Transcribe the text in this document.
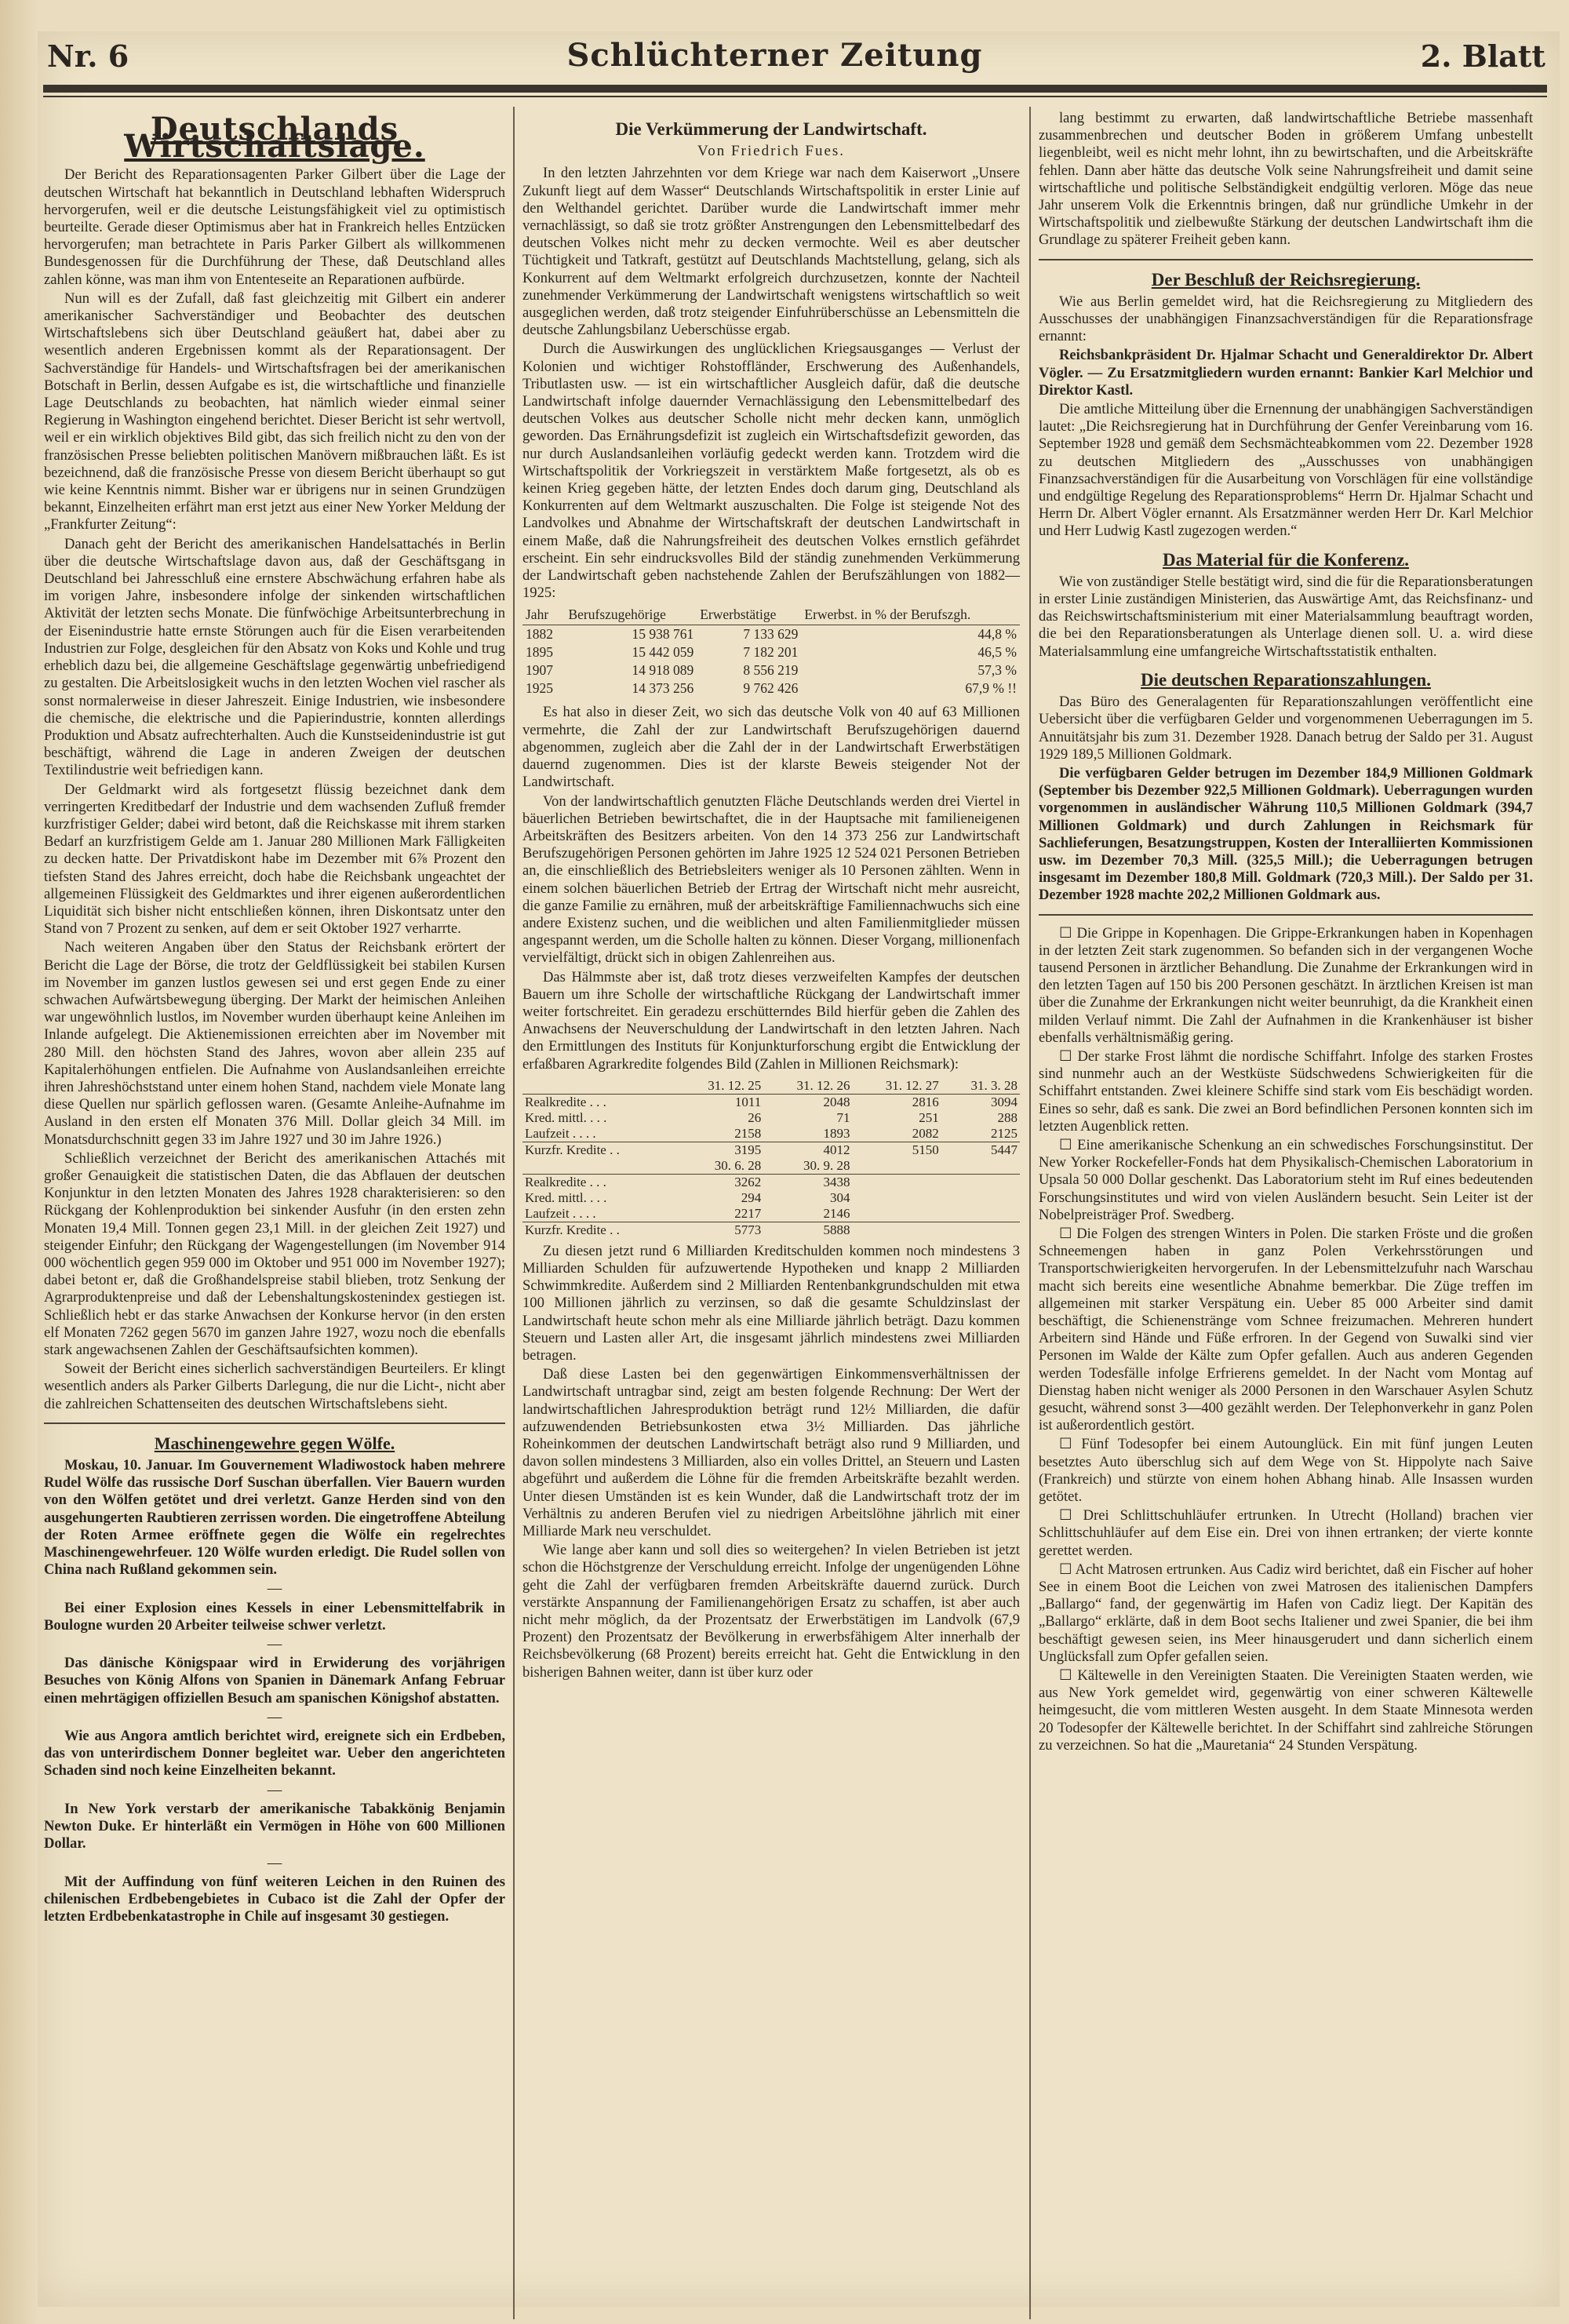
Nr. 6	Schlüchterner Zeitung	2. Blatt
Deutschlands Wirtschaftslage.

Der Bericht des Reparationsagenten Parker Gilbert über die Lage der deutschen Wirtschaft hat bekanntlich in Deutschland lebhaften Widerspruch hervorgerufen, weil er die deutsche Leistungsfähigkeit viel zu optimistisch beurteilte. Gerade dieser Optimismus aber hat in Frankreich helles Entzücken hervorgerufen; man betrachtete in Paris Parker Gilbert als willkommenen Bundesgenossen für die Durchführung der These, daß Deutschland alles zahlen könne, was man ihm von Ententeseite an Reparationen aufbürde.

Nun will es der Zufall, daß fast gleichzeitig mit Gilbert ein anderer amerikanischer Sachverständiger und Beobachter des deutschen Wirtschaftslebens sich über Deutschland geäußert hat, dabei aber zu wesentlich anderen Ergebnissen kommt als der Reparationsagent. Der Sachverständige für Handels- und Wirtschaftsfragen bei der amerikanischen Botschaft in Berlin, dessen Aufgabe es ist, die wirtschaftliche und finanzielle Lage Deutschlands zu beobachten, hat nämlich wieder einmal seiner Regierung in Washington eingehend berichtet. Dieser Bericht ist sehr wertvoll, weil er ein wirklich objektives Bild gibt, das sich freilich nicht zu den von der französischen Presse beliebten politischen Manövern mißbrauchen läßt. Es ist bezeichnend, daß die französische Presse von diesem Bericht überhaupt so gut wie keine Kenntnis nimmt. Bisher war er übrigens nur in seinen Grundzügen bekannt, Einzelheiten erfährt man erst jetzt aus einer New Yorker Meldung der „Frankfurter Zeitung“:

Danach geht der Bericht des amerikanischen Handelsattachés in Berlin über die deutsche Wirtschaftslage davon aus, daß der Geschäftsgang in Deutschland bei Jahresschluß eine ernstere Abschwächung erfahren habe als im vorigen Jahre, insbesondere infolge der sinkenden wirtschaftlichen Aktivität der letzten sechs Monate. Die fünfwöchige Arbeitsunterbrechung in der Eisenindustrie hatte ernste Störungen auch für die Eisen verarbeitenden Industrien zur Folge, desgleichen für den Absatz von Koks und Kohle und trug erheblich dazu bei, die allgemeine Geschäftslage gegenwärtig unbefriedigend zu gestalten. Die Arbeitslosigkeit wuchs in den letzten Wochen viel rascher als sonst normalerweise in dieser Jahreszeit. Einige Industrien, wie insbesondere die chemische, die elektrische und die Papierindustrie, konnten allerdings Produktion und Absatz aufrechterhalten. Auch die Kunstseidenindustrie ist gut beschäftigt, während die Lage in anderen Zweigen der deutschen Textilindustrie weit befriedigen kann.

Der Geldmarkt wird als fortgesetzt flüssig bezeichnet dank dem verringerten Kreditbedarf der Industrie und dem wachsenden Zufluß fremder kurzfristiger Gelder; dabei wird betont, daß die Reichskasse mit ihrem starken Bedarf an kurzfristigem Gelde am 1. Januar 280 Millionen Mark Fälligkeiten zu decken hatte. Der Privatdiskont habe im Dezember mit 6⅞ Prozent den tiefsten Stand des Jahres erreicht, doch habe die Reichsbank ungeachtet der allgemeinen Flüssigkeit des Geldmarktes und ihrer eigenen außerordentlichen Liquidität sich bisher nicht entschließen können, ihren Diskontsatz unter den Stand von 7 Prozent zu senken, auf dem er seit Oktober 1927 verharrte.

Nach weiteren Angaben über den Status der Reichsbank erörtert der Bericht die Lage der Börse, die trotz der Geldflüssigkeit bei stabilen Kursen im November im ganzen lustlos gewesen sei und erst gegen Ende zu einer schwachen Aufwärtsbewegung überging. Der Markt der heimischen Anleihen war ungewöhnlich lustlos, im November wurden überhaupt keine Anleihen im Inlande aufgelegt. Die Aktienemissionen erreichten aber im November mit 280 Mill. den höchsten Stand des Jahres, wovon aber allein 235 auf Kapitalerhöhungen entfielen. Die Aufnahme von Auslandsanleihen erreichte ihren Jahreshöchststand unter einem hohen Stand, nachdem viele Monate lang diese Quellen nur spärlich geflossen waren. (Gesamte Anleihe-Aufnahme im Ausland in den ersten elf Monaten 376 Mill. Dollar gleich 34 Mill. im Monatsdurchschnitt gegen 33 im Jahre 1927 und 30 im Jahre 1926.)

Schließlich verzeichnet der Bericht des amerikanischen Attachés mit großer Genauigkeit die statistischen Daten, die das Abflauen der deutschen Konjunktur in den letzten Monaten des Jahres 1928 charakterisieren: so den Rückgang der Kohlenproduktion bei sinkender Ausfuhr (in den ersten zehn Monaten 19,4 Mill. Tonnen gegen 23,1 Mill. in der gleichen Zeit 1927) und steigender Einfuhr; den Rückgang der Wagengestellungen (im November 914 000 wöchentlich gegen 959 000 im Oktober und 951 000 im November 1927); dabei betont er, daß die Großhandelspreise stabil blieben, trotz Senkung der Agrarproduktenpreise und daß der Lebenshaltungskostenindex gestiegen ist. Schließlich hebt er das starke Anwachsen der Konkurse hervor (in den ersten elf Monaten 7262 gegen 5670 im ganzen Jahre 1927, wozu noch die ebenfalls stark angewachsenen Zahlen der Geschäftsaufsichten kommen).

Soweit der Bericht eines sicherlich sachverständigen Beurteilers. Er klingt wesentlich anders als Parker Gilberts Darlegung, die nur die Licht-, nicht aber die zahlreichen Schattenseiten des deutschen Wirtschaftslebens sieht.

Maschinengewehre gegen Wölfe.

Moskau, 10. Januar. Im Gouvernement Wladiwostock haben mehrere Rudel Wölfe das russische Dorf Suschan überfallen. Vier Bauern wurden von den Wölfen getötet und drei verletzt. Ganze Herden sind von den ausgehungerten Raubtieren zerrissen worden. Die eingetroffene Abteilung der Roten Armee eröffnete gegen die Wölfe ein regelrechtes Maschinengewehrfeuer. 120 Wölfe wurden erledigt. Die Rudel sollen von China nach Rußland gekommen sein.

—

Bei einer Explosion eines Kessels in einer Lebensmittelfabrik in Boulogne wurden 20 Arbeiter teilweise schwer verletzt.

—

Das dänische Königspaar wird in Erwiderung des vorjährigen Besuches von König Alfons von Spanien in Dänemark Anfang Februar einen mehrtägigen offiziellen Besuch am spanischen Königshof abstatten.

—

Wie aus Angora amtlich berichtet wird, ereignete sich ein Erdbeben, das von unterirdischem Donner begleitet war. Ueber den angerichteten Schaden sind noch keine Einzelheiten bekannt.

—

In New York verstarb der amerikanische Tabakkönig Benjamin Newton Duke. Er hinterläßt ein Vermögen in Höhe von 600 Millionen Dollar.

—

Mit der Auffindung von fünf weiteren Leichen in den Ruinen des chilenischen Erdbebengebietes in Cubaco ist die Zahl der Opfer der letzten Erdbebenkatastrophe in Chile auf insgesamt 30 gestiegen.

Die Verkümmerung der Landwirtschaft.
Von Friedrich Fues.

In den letzten Jahrzehnten vor dem Kriege war nach dem Kaiserwort „Unsere Zukunft liegt auf dem Wasser“ Deutschlands Wirtschaftspolitik in erster Linie auf den Welthandel gerichtet. Darüber wurde die Landwirtschaft immer mehr vernachlässigt, so daß sie trotz größter Anstrengungen den Lebensmittelbedarf des deutschen Volkes nicht mehr zu decken vermochte. Weil es aber deutscher Tüchtigkeit und Tatkraft, gestützt auf Deutschlands Machtstellung, gelang, sich als Konkurrent auf dem Weltmarkt erfolgreich durchzusetzen, konnte der Nachteil zunehmender Verkümmerung der Landwirtschaft wenigstens wirtschaftlich so weit ausgeglichen werden, daß trotz steigender Einfuhrüberschüsse an Lebensmitteln die deutsche Zahlungsbilanz Ueberschüsse ergab.

Durch die Auswirkungen des unglücklichen Kriegsausganges — Verlust der Kolonien und wichtiger Rohstoffländer, Erschwerung des Außenhandels, Tributlasten usw. — ist ein wirtschaftlicher Ausgleich dafür, daß die deutsche Landwirtschaft infolge dauernder Vernachlässigung den Lebensmittelbedarf des deutschen Volkes aus deutscher Scholle nicht mehr decken kann, unmöglich geworden. Das Ernährungsdefizit ist zugleich ein Wirtschaftsdefizit geworden, das nur durch Auslandsanleihen vorläufig gedeckt werden kann. Trotzdem wird die Wirtschaftspolitik der Vorkriegszeit in verstärktem Maße fortgesetzt, als ob es keinen Krieg gegeben hätte, der letzten Endes doch darum ging, Deutschland als Konkurrenten auf dem Weltmarkt auszuschalten. Die Folge ist steigende Not des Landvolkes und Abnahme der Wirtschaftskraft der deutschen Landwirtschaft in einem Maße, daß die Nahrungsfreiheit des deutschen Volkes ernstlich gefährdet erscheint. Ein sehr eindrucksvolles Bild der ständig zunehmenden Verkümmerung der Landwirtschaft geben nachstehende Zahlen der Berufszählungen von 1882—1925:

Jahr	Berufszugehörige	Erwerbstätige	Erwerbst. in % der Berufszgh.
1882	15 938 761	7 133 629	44,8 %
1895	15 442 059	7 182 201	46,5 %
1907	14 918 089	8 556 219	57,3 %
1925	14 373 256	9 762 426	67,9 % !!

Es hat also in dieser Zeit, wo sich das deutsche Volk von 40 auf 63 Millionen vermehrte, die Zahl der zur Landwirtschaft Berufszugehörigen dauernd abgenommen, zugleich aber die Zahl der in der Landwirtschaft Erwerbstätigen dauernd zugenommen. Dies ist der klarste Beweis steigender Not der Landwirtschaft.

Von der landwirtschaftlich genutzten Fläche Deutschlands werden drei Viertel in bäuerlichen Betrieben bewirtschaftet, die in der Hauptsache mit familieneigenen Arbeitskräften des Besitzers arbeiten. Von den 14 373 256 zur Landwirtschaft Berufszugehörigen Personen gehörten im Jahre 1925 12 524 021 Personen Betrieben an, die einschließlich des Betriebsleiters weniger als 10 Personen zählten. Wenn in einem solchen bäuerlichen Betrieb der Ertrag der Wirtschaft nicht mehr ausreicht, die ganze Familie zu ernähren, muß der arbeitskräftige Familiennachwuchs sich eine andere Existenz suchen, und die weiblichen und alten Familienmitglieder müssen angespannt werden, um die Scholle halten zu können. Dieser Vorgang, millionenfach vervielfältigt, drückt sich in obigen Zahlenreihen aus.

Das Hälmmste aber ist, daß trotz dieses verzweifelten Kampfes der deutschen Bauern um ihre Scholle der wirtschaftliche Rückgang der Landwirtschaft immer weiter fortschreitet. Ein geradezu erschütterndes Bild hierfür geben die Zahlen des Anwachsens der Neuverschuldung der Landwirtschaft in den letzten Jahren. Nach den Ermittlungen des Instituts für Konjunkturforschung ergibt die Entwicklung der erfaßbaren Agrarkredite folgendes Bild (Zahlen in Millionen Reichsmark):

	31. 12. 25	31. 12. 26	31. 12. 27	31. 3. 28
Realkredite . . .	1011	2048	2816	3094
Kred. mittl. . . .	26	71	251	288
Laufzeit . . . .	2158	1893	2082	2125
Kurzfr. Kredite . .	3195	4012	5150	5447
	30. 6. 28	30. 9. 28		
Realkredite . . .	3262	3438		
Kred. mittl. . . .	294	304		
Laufzeit . . . .	2217	2146		
Kurzfr. Kredite . .	5773	5888		

Zu diesen jetzt rund 6 Milliarden Kreditschulden kommen noch mindestens 3 Milliarden Schulden für aufzuwertende Hypotheken und knapp 2 Milliarden Schwimmkredite. Außerdem sind 2 Milliarden Rentenbankgrundschulden mit etwa 100 Millionen jährlich zu verzinsen, so daß die gesamte Schuldzinslast der Landwirtschaft heute schon mehr als eine Milliarde jährlich beträgt. Dazu kommen Steuern und Lasten aller Art, die insgesamt jährlich mindestens zwei Milliarden betragen.

Daß diese Lasten bei den gegenwärtigen Einkommensverhältnissen der Landwirtschaft untragbar sind, zeigt am besten folgende Rechnung: Der Wert der landwirtschaftlichen Jahresproduktion beträgt rund 12½ Milliarden, die dafür aufzuwendenden Betriebsunkosten etwa 3½ Milliarden. Das jährliche Roheinkommen der deutschen Landwirtschaft beträgt also rund 9 Milliarden, und davon sollen mindestens 3 Milliarden, also ein volles Drittel, an Steuern und Lasten abgeführt und außerdem die Löhne für die fremden Arbeitskräfte bezahlt werden. Unter diesen Umständen ist es kein Wunder, daß die Landwirtschaft trotz der im Verhältnis zu anderen Berufen viel zu niedrigen Arbeitslöhne jährlich mit einer Milliarde Mark neu verschuldet.

Wie lange aber kann und soll dies so weitergehen? In vielen Betrieben ist jetzt schon die Höchstgrenze der Verschuldung erreicht. Infolge der ungenügenden Löhne geht die Zahl der verfügbaren fremden Arbeitskräfte dauernd zurück. Durch verstärkte Anspannung der Familienangehörigen Ersatz zu schaffen, ist aber auch nicht mehr möglich, da der Prozentsatz der Erwerbstätigen im Landvolk (67,9 Prozent) den Prozentsatz der Bevölkerung in erwerbsfähigem Alter innerhalb der Reichsbevölkerung (68 Prozent) bereits erreicht hat. Geht die Entwicklung in den bisherigen Bahnen weiter, dann ist über kurz oder

lang bestimmt zu erwarten, daß landwirtschaftliche Betriebe massenhaft zusammenbrechen und deutscher Boden in größerem Umfang unbestellt liegenbleibt, weil es nicht mehr lohnt, ihn zu bewirtschaften, und die Arbeitskräfte fehlen. Dann aber hätte das deutsche Volk seine Nahrungsfreiheit und damit seine wirtschaftliche und politische Selbständigkeit endgültig verloren. Möge das neue Jahr unserem Volk die Erkenntnis bringen, daß nur gründliche Umkehr in der Wirtschaftspolitik und zielbewußte Stärkung der deutschen Landwirtschaft ihm die Grundlage zu späterer Freiheit geben kann.

Der Beschluß der Reichsregierung.

Wie aus Berlin gemeldet wird, hat die Reichsregierung zu Mitgliedern des Ausschusses der unabhängigen Finanzsachverständigen für die Reparationsfrage ernannt:

Reichsbankpräsident Dr. Hjalmar Schacht und Generaldirektor Dr. Albert Vögler. — Zu Ersatzmitgliedern wurden ernannt: Bankier Karl Melchior und Direktor Kastl.

Die amtliche Mitteilung über die Ernennung der unabhängigen Sachverständigen lautet: „Die Reichsregierung hat in Durchführung der Genfer Vereinbarung vom 16. September 1928 und gemäß dem Sechsmächteabkommen vom 22. Dezember 1928 zu deutschen Mitgliedern des „Ausschusses von unabhängigen Finanzsachverständigen für die Ausarbeitung von Vorschlägen für eine vollständige und endgültige Regelung des Reparationsproblems“ Herrn Dr. Hjalmar Schacht und Herrn Dr. Albert Vögler ernannt. Als Ersatzmänner werden Herr Dr. Karl Melchior und Herr Ludwig Kastl zugezogen werden.“

Das Material für die Konferenz.

Wie von zuständiger Stelle bestätigt wird, sind die für die Reparationsberatungen in erster Linie zuständigen Ministerien, das Auswärtige Amt, das Reichsfinanz- und das Reichswirtschaftsministerium mit einer Materialsammlung beauftragt worden, die bei den Reparationsberatungen als Unterlage dienen soll. U. a. wird diese Materialsammlung eine umfangreiche Wirtschaftsstatistik enthalten.

Die deutschen Reparationszahlungen.

Das Büro des Generalagenten für Reparationszahlungen veröffentlicht eine Uebersicht über die verfügbaren Gelder und vorgenommenen Ueberragungen im 5. Annuitätsjahr bis zum 31. Dezember 1928. Danach betrug der Saldo per 31. August 1929 189,5 Millionen Goldmark.

Die verfügbaren Gelder betrugen im Dezember 184,9 Millionen Goldmark (September bis Dezember 922,5 Millionen Goldmark). Ueberragungen wurden vorgenommen in ausländischer Währung 110,5 Millionen Goldmark (394,7 Millionen Goldmark) und durch Zahlungen in Reichsmark für Sachlieferungen, Besatzungstruppen, Kosten der Interalliierten Kommissionen usw. im Dezember 70,3 Mill. (325,5 Mill.); die Ueberragungen betrugen insgesamt im Dezember 180,8 Mill. Goldmark (720,3 Mill.). Der Saldo per 31. Dezember 1928 machte 202,2 Millionen Goldmark aus.

☐ Die Grippe in Kopenhagen. Die Grippe-Erkrankungen haben in Kopenhagen in der letzten Zeit stark zugenommen. So befanden sich in der vergangenen Woche tausend Personen in ärztlicher Behandlung. Die Zunahme der Erkrankungen wird in den letzten Tagen auf 150 bis 200 Personen geschätzt. In ärztlichen Kreisen ist man über die Zunahme der Erkrankungen nicht weiter beunruhigt, da die Krankheit einen milden Verlauf nimmt. Die Zahl der Aufnahmen in die Krankenhäuser ist bisher ebenfalls verhältnismäßig gering.

☐ Der starke Frost lähmt die nordische Schiffahrt. Infolge des starken Frostes sind nunmehr auch an der Westküste Südschwedens Schwierigkeiten für die Schiffahrt entstanden. Zwei kleinere Schiffe sind stark vom Eis beschädigt worden. Eines so sehr, daß es sank. Die zwei an Bord befindlichen Personen konnten sich im letzten Augenblick retten.

☐ Eine amerikanische Schenkung an ein schwedisches Forschungsinstitut. Der New Yorker Rockefeller-Fonds hat dem Physikalisch-Chemischen Laboratorium in Upsala 50 000 Dollar geschenkt. Das Laboratorium steht im Ruf eines bedeutenden Forschungsinstitutes und wird von vielen Ausländern besucht. Sein Leiter ist der Nobelpreisträger Prof. Swedberg.

☐ Die Folgen des strengen Winters in Polen. Die starken Fröste und die großen Schneemengen haben in ganz Polen Verkehrsstörungen und Transportschwierigkeiten hervorgerufen. In der Lebensmittelzufuhr nach Warschau macht sich bereits eine wesentliche Abnahme bemerkbar. Die Züge treffen im allgemeinen mit starker Verspätung ein. Ueber 85 000 Arbeiter sind damit beschäftigt, die Schienenstränge vom Schnee freizumachen. Mehreren hundert Arbeitern sind Hände und Füße erfroren. In der Gegend von Suwalki sind vier Personen im Walde der Kälte zum Opfer gefallen. Auch aus anderen Gegenden werden Todesfälle infolge Erfrierens gemeldet. In der Nacht vom Montag auf Dienstag haben nicht weniger als 2000 Personen in den Warschauer Asylen Schutz gesucht, während sonst 3—400 gezählt werden. Der Telephonverkehr in ganz Polen ist außerordentlich gestört.

☐ Fünf Todesopfer bei einem Autounglück. Ein mit fünf jungen Leuten besetztes Auto überschlug sich auf dem Wege von St. Hippolyte nach Saive (Frankreich) und stürzte von einem hohen Abhang hinab. Alle Insassen wurden getötet.

☐ Drei Schlittschuhläufer ertrunken. In Utrecht (Holland) brachen vier Schlittschuhläufer auf dem Eise ein. Drei von ihnen ertranken; der vierte konnte gerettet werden.

☐ Acht Matrosen ertrunken. Aus Cadiz wird berichtet, daß ein Fischer auf hoher See in einem Boot die Leichen von zwei Matrosen des italienischen Dampfers „Ballargo“ fand, der gegenwärtig im Hafen von Cadiz liegt. Der Kapitän des „Ballargo“ erklärte, daß in dem Boot sechs Italiener und zwei Spanier, die bei ihm beschäftigt gewesen seien, ins Meer hinausgerudert und dann sicherlich einem Unglücksfall zum Opfer gefallen seien.

☐ Kältewelle in den Vereinigten Staaten. Die Vereinigten Staaten werden, wie aus New York gemeldet wird, gegenwärtig von einer schweren Kältewelle heimgesucht, die vom mittleren Westen ausgeht. In dem Staate Minnesota werden 20 Todesopfer der Kältewelle berichtet. In der Schiffahrt sind zahlreiche Störungen zu verzeichnen. So hat die „Mauretania“ 24 Stunden Verspätung.
